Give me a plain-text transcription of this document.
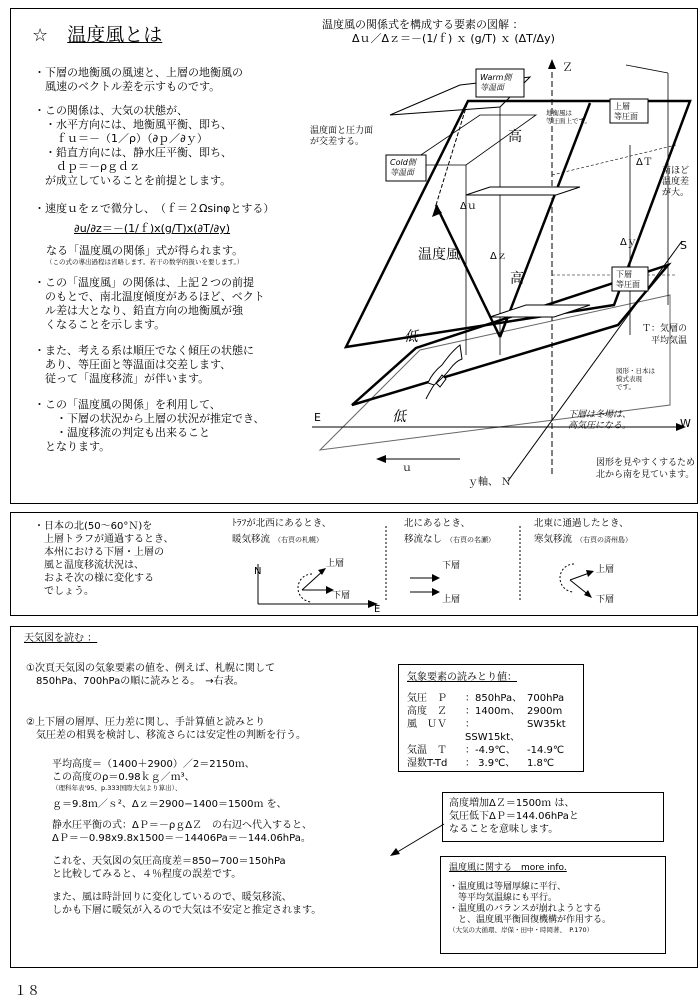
☆ 温度風とは	温度風の関係式を構成する要素の図解 ：
Δｕ／Δｚ＝－(1/ｆ) ｘ (g/T) ｘ (ΔT/Δy)
・下層の地衡風の風速と、上層の地衡風の
　風速のベクトル差を示すものです。
・この関係は、大気の状態が、
　・水平方向には、地衡風平衡、即ち、
　　ｆｕ＝－（1／ρ）（∂ｐ／∂ｙ）
　・鉛直方向には、静水圧平衡、即ち、
　　ｄｐ＝－ρｇｄｚ
　が成立していることを前提とします。
・速度ｕをｚで微分し、　（ｆ＝２Ωsinφとする）
∂u/∂z＝－(1/ｆ)x(g/T)x(∂T/∂y)
なる「温度風の関係」式が得られます。
（この式の導出過程は省略します。若干の数学的扱いを要します。）
・この「温度風」の関係は、上記２つの前提
　のもとで、南北温度傾度があるほど、ベクト
　ル差は大となり、鉛直方向の地衡風が強
　くなることを示します。
・また、考える系は順圧でなく傾圧の状態に
　あり、等圧面と等温面は交差します、
　従って「温度移流」が伴います。
・この「温度風の関係」を利用して、
　　・下層の状況から上層の状況が推定でき、
　　・温度移流の判定も出来ること
　となります。
Ｚ
E	W
S
ｙ軸、 Ｎ
Warm側等温面
Cold側等温面
上層等圧面
下層等圧面
温度面と圧力面が交差する。
地衡風は等圧面上です。
南ほど温度差が大。
Ｔ：気層の　平均気温
図形・日本は模式表現です。
下層は冬場は、高気圧になる。
図形を見やすくするため北から南を見ています。
高
高
低
低
温度風
Δｕ
Δｚ
ΔＴ
Δｙ
ｕ
・日本の北(50～60°Ｎ)を
　上層トラフが通過するとき、
　本州における下層・上層の
　風と温度移流状況は、
　およそ次の様に変化する
　でしょう。
N
E
ﾄﾗﾌが北西にあるとき、
暖気移流 （右頁の札幌）
上層
下層
北にあるとき、
移流なし （右頁の名瀬）
下層
上層
北東に通過したとき、
寒気移流 （右頁の済州島）
上層
下層
天気図を読む ：
①次頁天気図の気象要素の値を、例えば、札幌に関して
　850hPa、700hPaの順に読みとる。　→右表。
②上下層の層厚、圧力差に関し、手計算値と読みとり
　気圧差の相異を検討し、移流さらには安定性の判断を行う。
平均高度＝（1400＋2900）／2＝2150ｍ、
この高度のρ＝0.98ｋｇ／ｍ³、
（理科年表'95、p.333国際大気より算出）、
ｇ＝9.8ｍ／ｓ²、Δｚ＝2900−1400＝1500ｍ を、
静水圧平衡の式：ΔＰ＝－ρｇΔＺ　の右辺へ代入すると、
ΔＰ＝－0.98x9.8x1500＝－14406Pa＝－144.06hPa。
これを、天気図の気圧高度差＝850−700＝150hPa
と比較してみると、４％程度の誤差です。
また、風は時計回りに変化しているので、暖気移流、
しかも下層に暖気が入るので大気は不安定と推定されます。
気象要素の読みとり値：
気圧　Ｐ	：850hPa、 700hPa
高度　Ｚ	：1400m、 2900m
風　ＵＶ	：SSW15kt、
SW35kt
気温　Ｔ	：-4.9℃、	-14.9℃
湿数T-Td	： 3.9℃、	1.8℃
高度増加ΔＺ＝1500ｍ は、
気圧低下ΔＰ＝144.06hPaと
なることを意味します。
温度風に関する　more info.
・温度風は等層厚線に平行、
　等平均気温線にも平行。
・温度風のバランスが崩れようとする
　と、温度風平衡回復機構が作用する。
（大気の大循環、岸保・田中・時岡著、　P.170）
１８
